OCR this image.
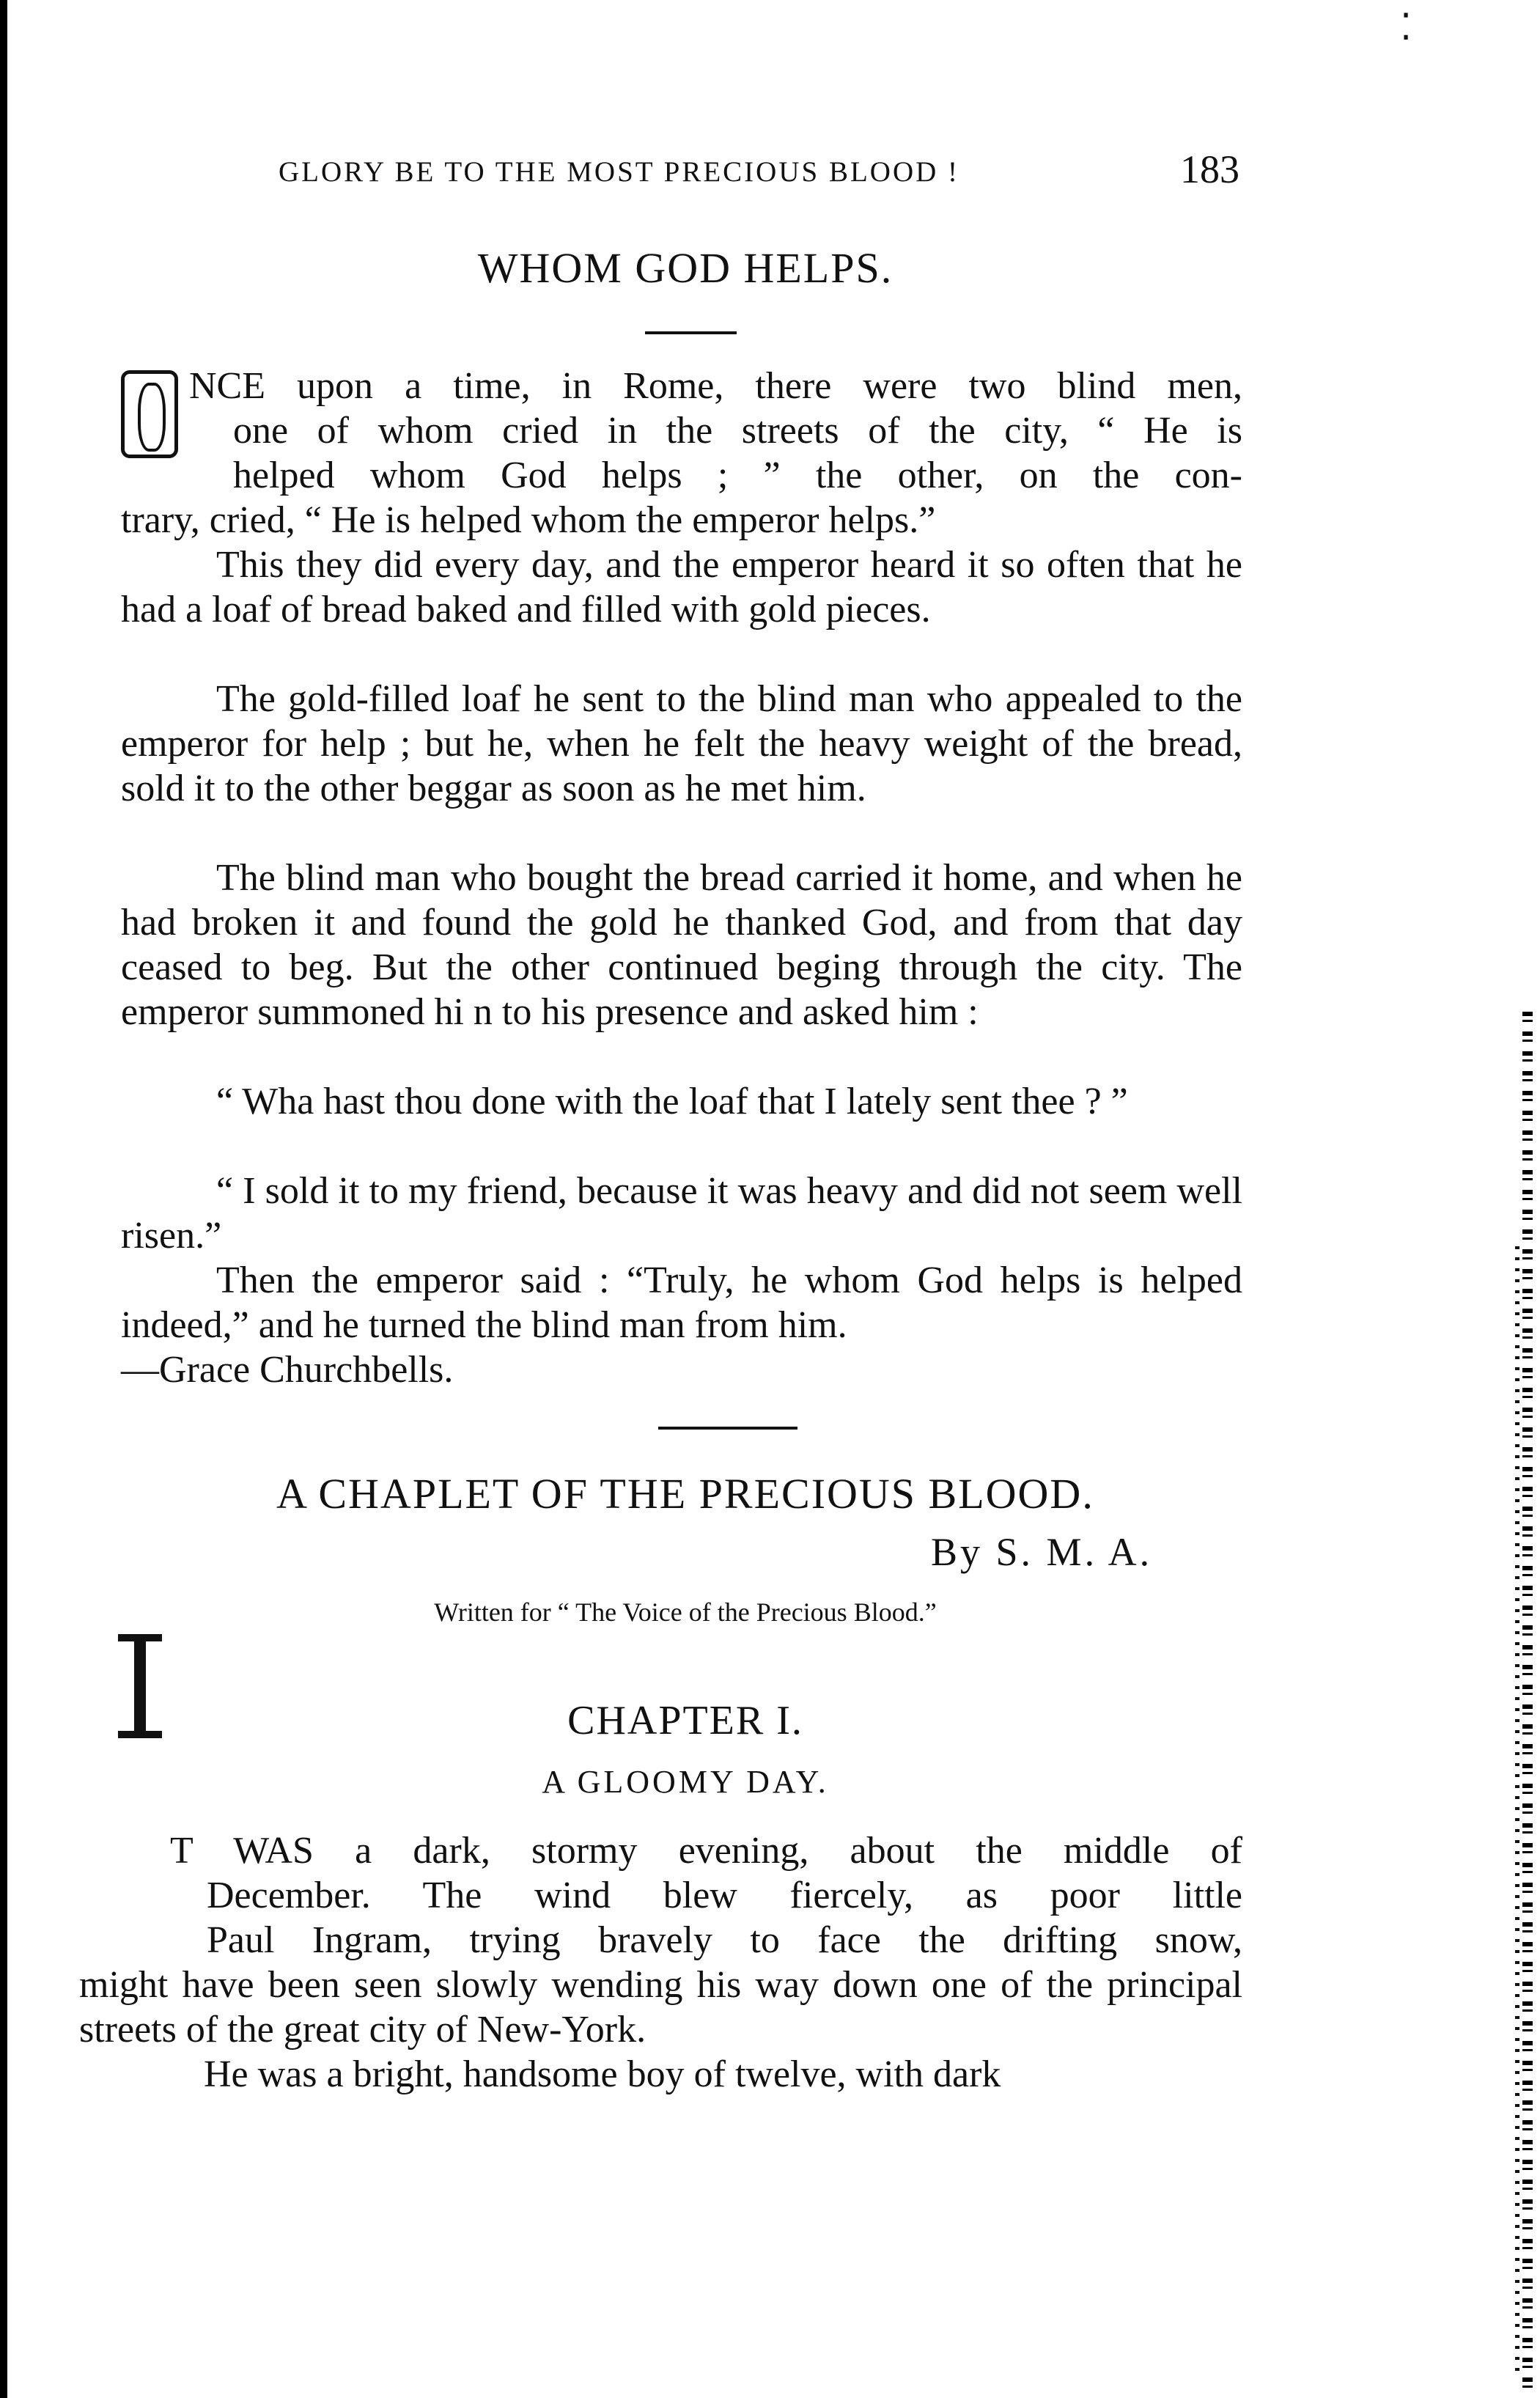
⁚
GLORY BE TO THE MOST PRECIOUS BLOOD !	183
WHOM GOD HELPS.
NCE upon a time, in Rome, there were two blind men,
one of whom cried in the streets of the city, “ He is
helped whom God helps ; ” the other, on the con-
trary, cried, “ He is helped whom the emperor helps.”

This they did every day, and the emperor heard it so often that he had a loaf of bread baked and filled with gold pieces.

The gold-filled loaf he sent to the blind man who appealed to the emperor for help ; but he, when he felt the heavy weight of the bread, sold it to the other beggar as soon as he met him.

The blind man who bought the bread carried it home, and when he had broken it and found the gold he thanked God, and from that day ceased to beg. But the other continued beging through the city. The emperor summoned hi n to his presence and asked him :

“ Wha hast thou done with the loaf that I lately sent thee ? ”

“ I sold it to my friend, because it was heavy and did not seem well risen.”

Then the emperor said : “Truly, he whom God helps is helped indeed,” and he turned the blind man from him.

—Grace Churchbells.

A CHAPLET OF THE PRECIOUS BLOOD.
By S. M. A.
Written for “ The Voice of the Precious Blood.”
CHAPTER I.
A GLOOMY DAY.
T WAS a dark, stormy evening, about the middle of
December. The wind blew fiercely, as poor little
Paul Ingram, trying bravely to face the drifting snow,
might have been seen slowly wending his way down one of the principal streets of the great city of New-York.

He was a bright, handsome boy of twelve, with dark
